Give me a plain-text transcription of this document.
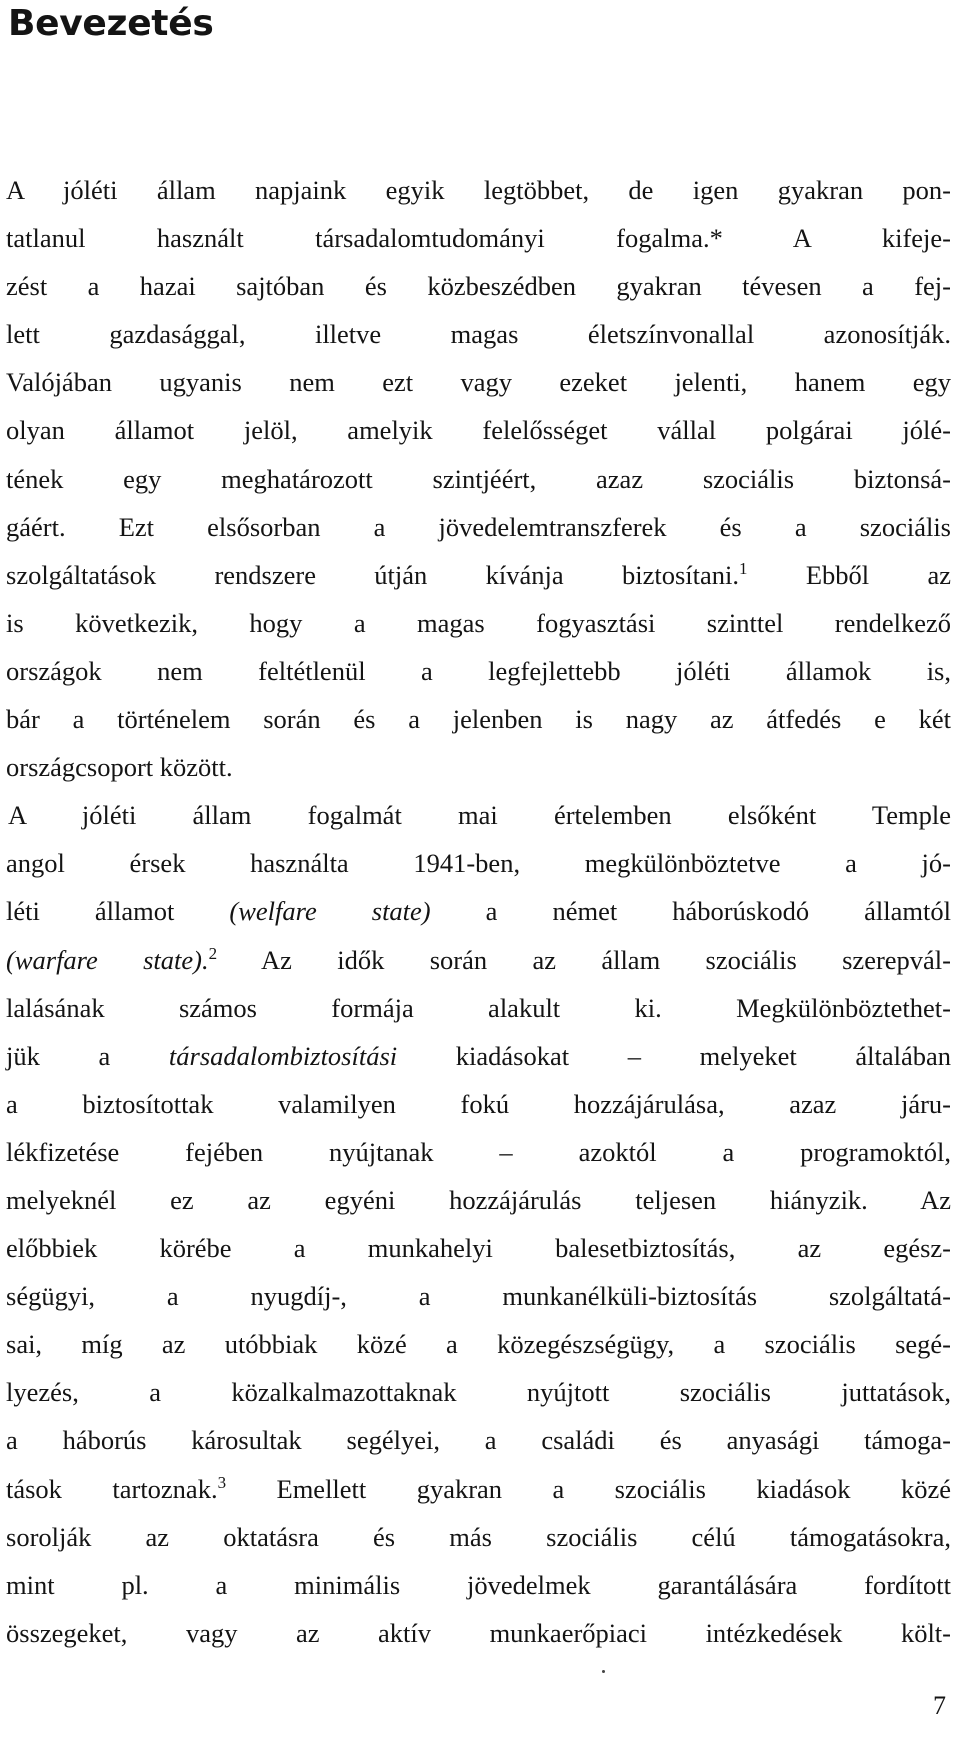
Bevezetés
A jóléti állam napjaink egyik legtöbbet, de igen gyakran pon-
tatlanul használt társadalomtudományi fogalma.* A kifeje-
zést a hazai sajtóban és közbeszédben gyakran tévesen a fej-
lett gazdasággal, illetve magas életszínvonallal azonosítják.
Valójában ugyanis nem ezt vagy ezeket jelenti, hanem egy
olyan államot jelöl, amelyik felelősséget vállal polgárai jólé-
tének egy meghatározott szintjéért, azaz szociális biztonsá-
gáért. Ezt elsősorban a jövedelemtranszferek és a szociális
szolgáltatások rendszere útján kívánja biztosítani.$^1$ Ebből az
is következik, hogy a magas fogyasztási szinttel rendelkező
országok nem feltétlenül a legfejlettebb jóléti államok is,
bár a történelem során és a jelenben is nagy az átfedés e két
országcsoport között.
A jóléti állam fogalmát mai értelemben elsőként Temple
angol érsek használta 1941-ben, megkülönböztetve a jó-
léti államot (welfare state) a német háborúskodó államtól
(warfare state).$^2$ Az idők során az állam szociális szerepvál-
lalásának számos formája alakult ki. Megkülönböztethet-
jük a társadalombiztosítási kiadásokat – melyeket általában
a biztosítottak valamilyen fokú hozzájárulása, azaz járu-
lékfizetése fejében nyújtanak – azoktól a programoktól,
melyeknél ez az egyéni hozzájárulás teljesen hiányzik. Az
előbbiek körébe a munkahelyi balesetbiztosítás, az egész-
ségügyi, a nyugdíj-, a munkanélküli-biztosítás szolgáltatá-
sai, míg az utóbbiak közé a közegészségügy, a szociális segé-
lyezés, a közalkalmazottaknak nyújtott szociális juttatások,
a háborús károsultak segélyei, a családi és anyasági támoga-
tások tartoznak.$^3$ Emellett gyakran a szociális kiadások közé
sorolják az oktatásra és más szociális célú támogatásokra,
mint pl. a minimális jövedelmek garantálására fordított
összegeket, vagy az aktív munkaerőpiaci intézkedések költ-
7
